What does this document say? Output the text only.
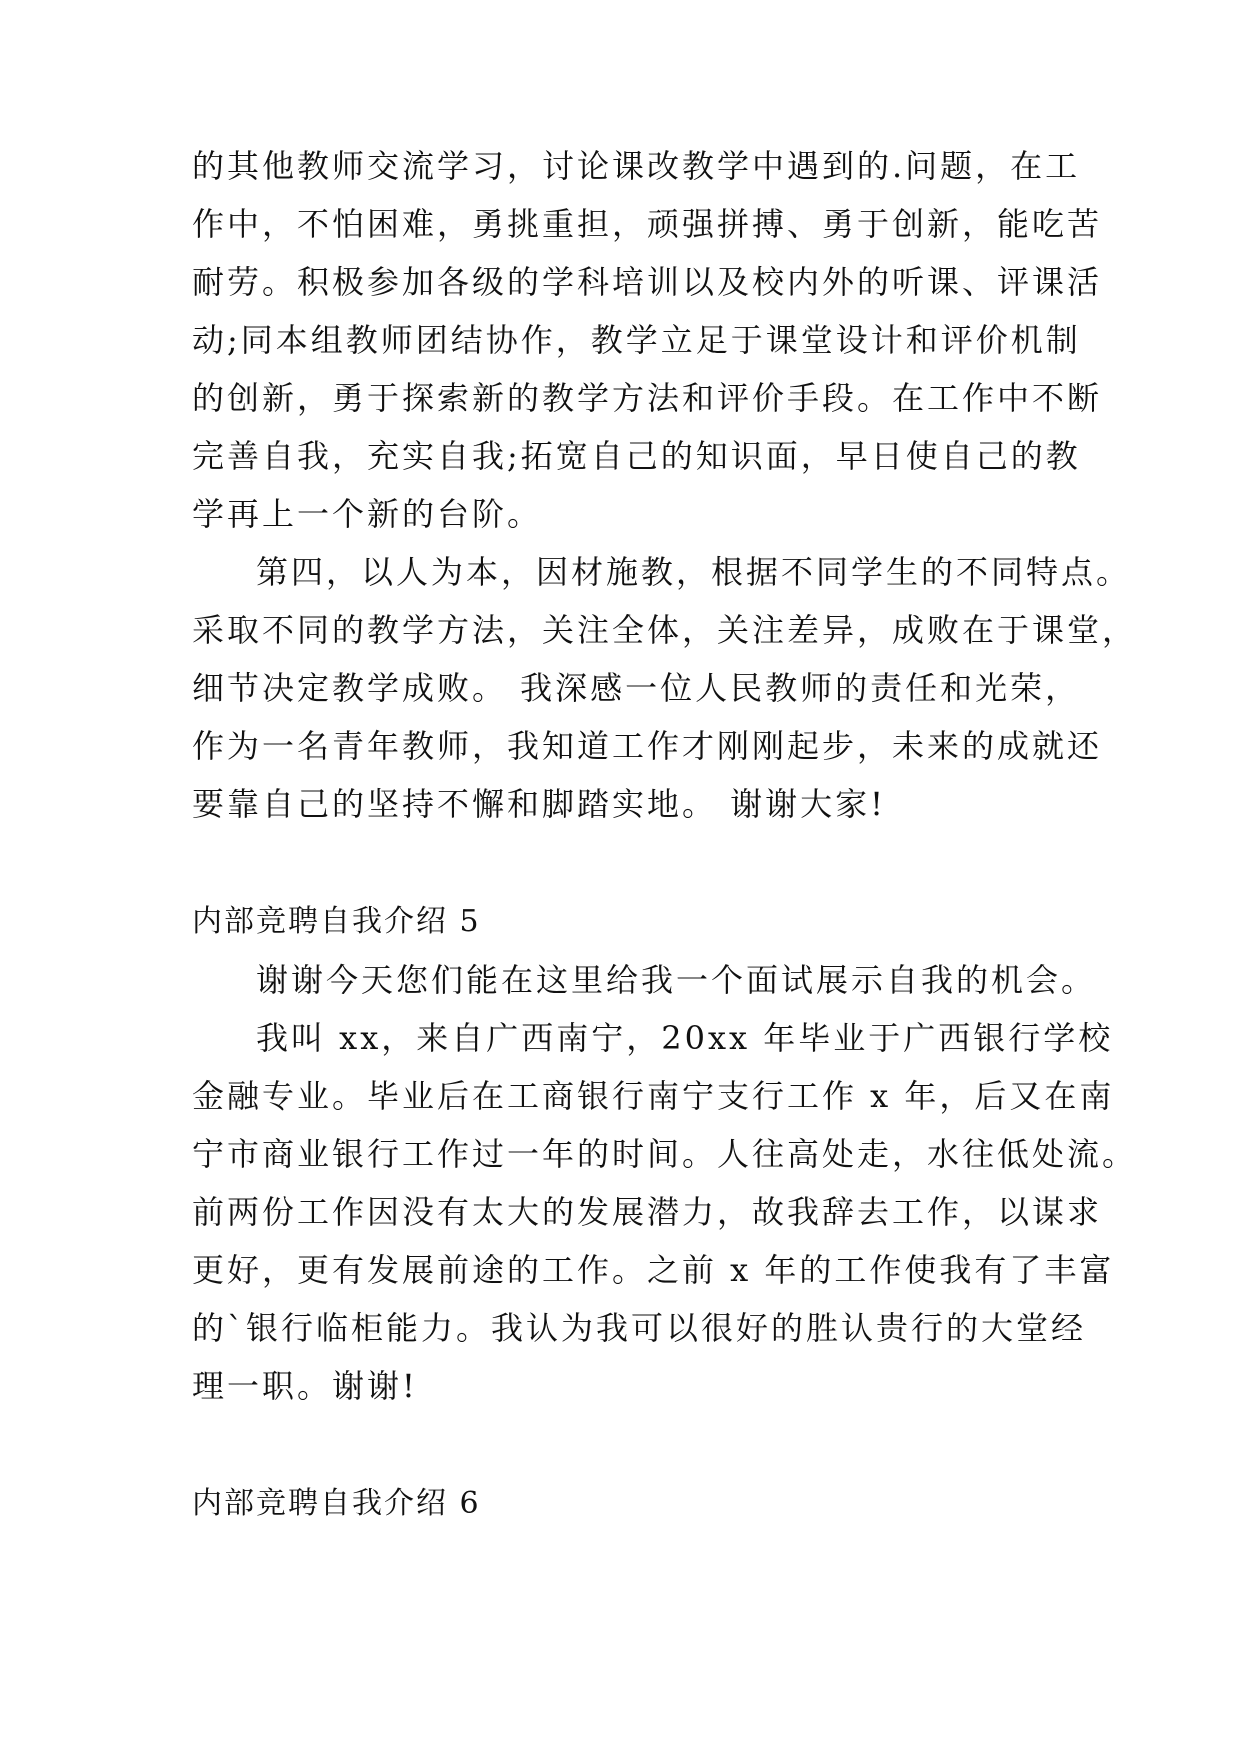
的其他教师交流学习，讨论课改教学中遇到的.问题，在工
作中，不怕困难，勇挑重担，顽强拼搏、勇于创新，能吃苦
耐劳。积极参加各级的学科培训以及校内外的听课、评课活
动;同本组教师团结协作，教学立足于课堂设计和评价机制
的创新，勇于探索新的教学方法和评价手段。在工作中不断
完善自我，充实自我;拓宽自己的知识面，早日使自己的教
学再上一个新的台阶。
第四，以人为本，因材施教，根据不同学生的不同特点。
采取不同的教学方法，关注全体，关注差异，成败在于课堂，
细节决定教学成败。 我深感一位人民教师的责任和光荣，
作为一名青年教师，我知道工作才刚刚起步，未来的成就还
要靠自己的坚持不懈和脚踏实地。 谢谢大家!
内部竞聘自我介绍 5
谢谢今天您们能在这里给我一个面试展示自我的机会。
我叫 xx，来自广西南宁，20xx 年毕业于广西银行学校
金融专业。毕业后在工商银行南宁支行工作 x 年，后又在南
宁市商业银行工作过一年的时间。人往高处走，水往低处流。
前两份工作因没有太大的发展潜力，故我辞去工作，以谋求
更好，更有发展前途的工作。之前 x 年的工作使我有了丰富
的`银行临柜能力。我认为我可以很好的胜认贵行的大堂经
理一职。谢谢!
内部竞聘自我介绍 6
